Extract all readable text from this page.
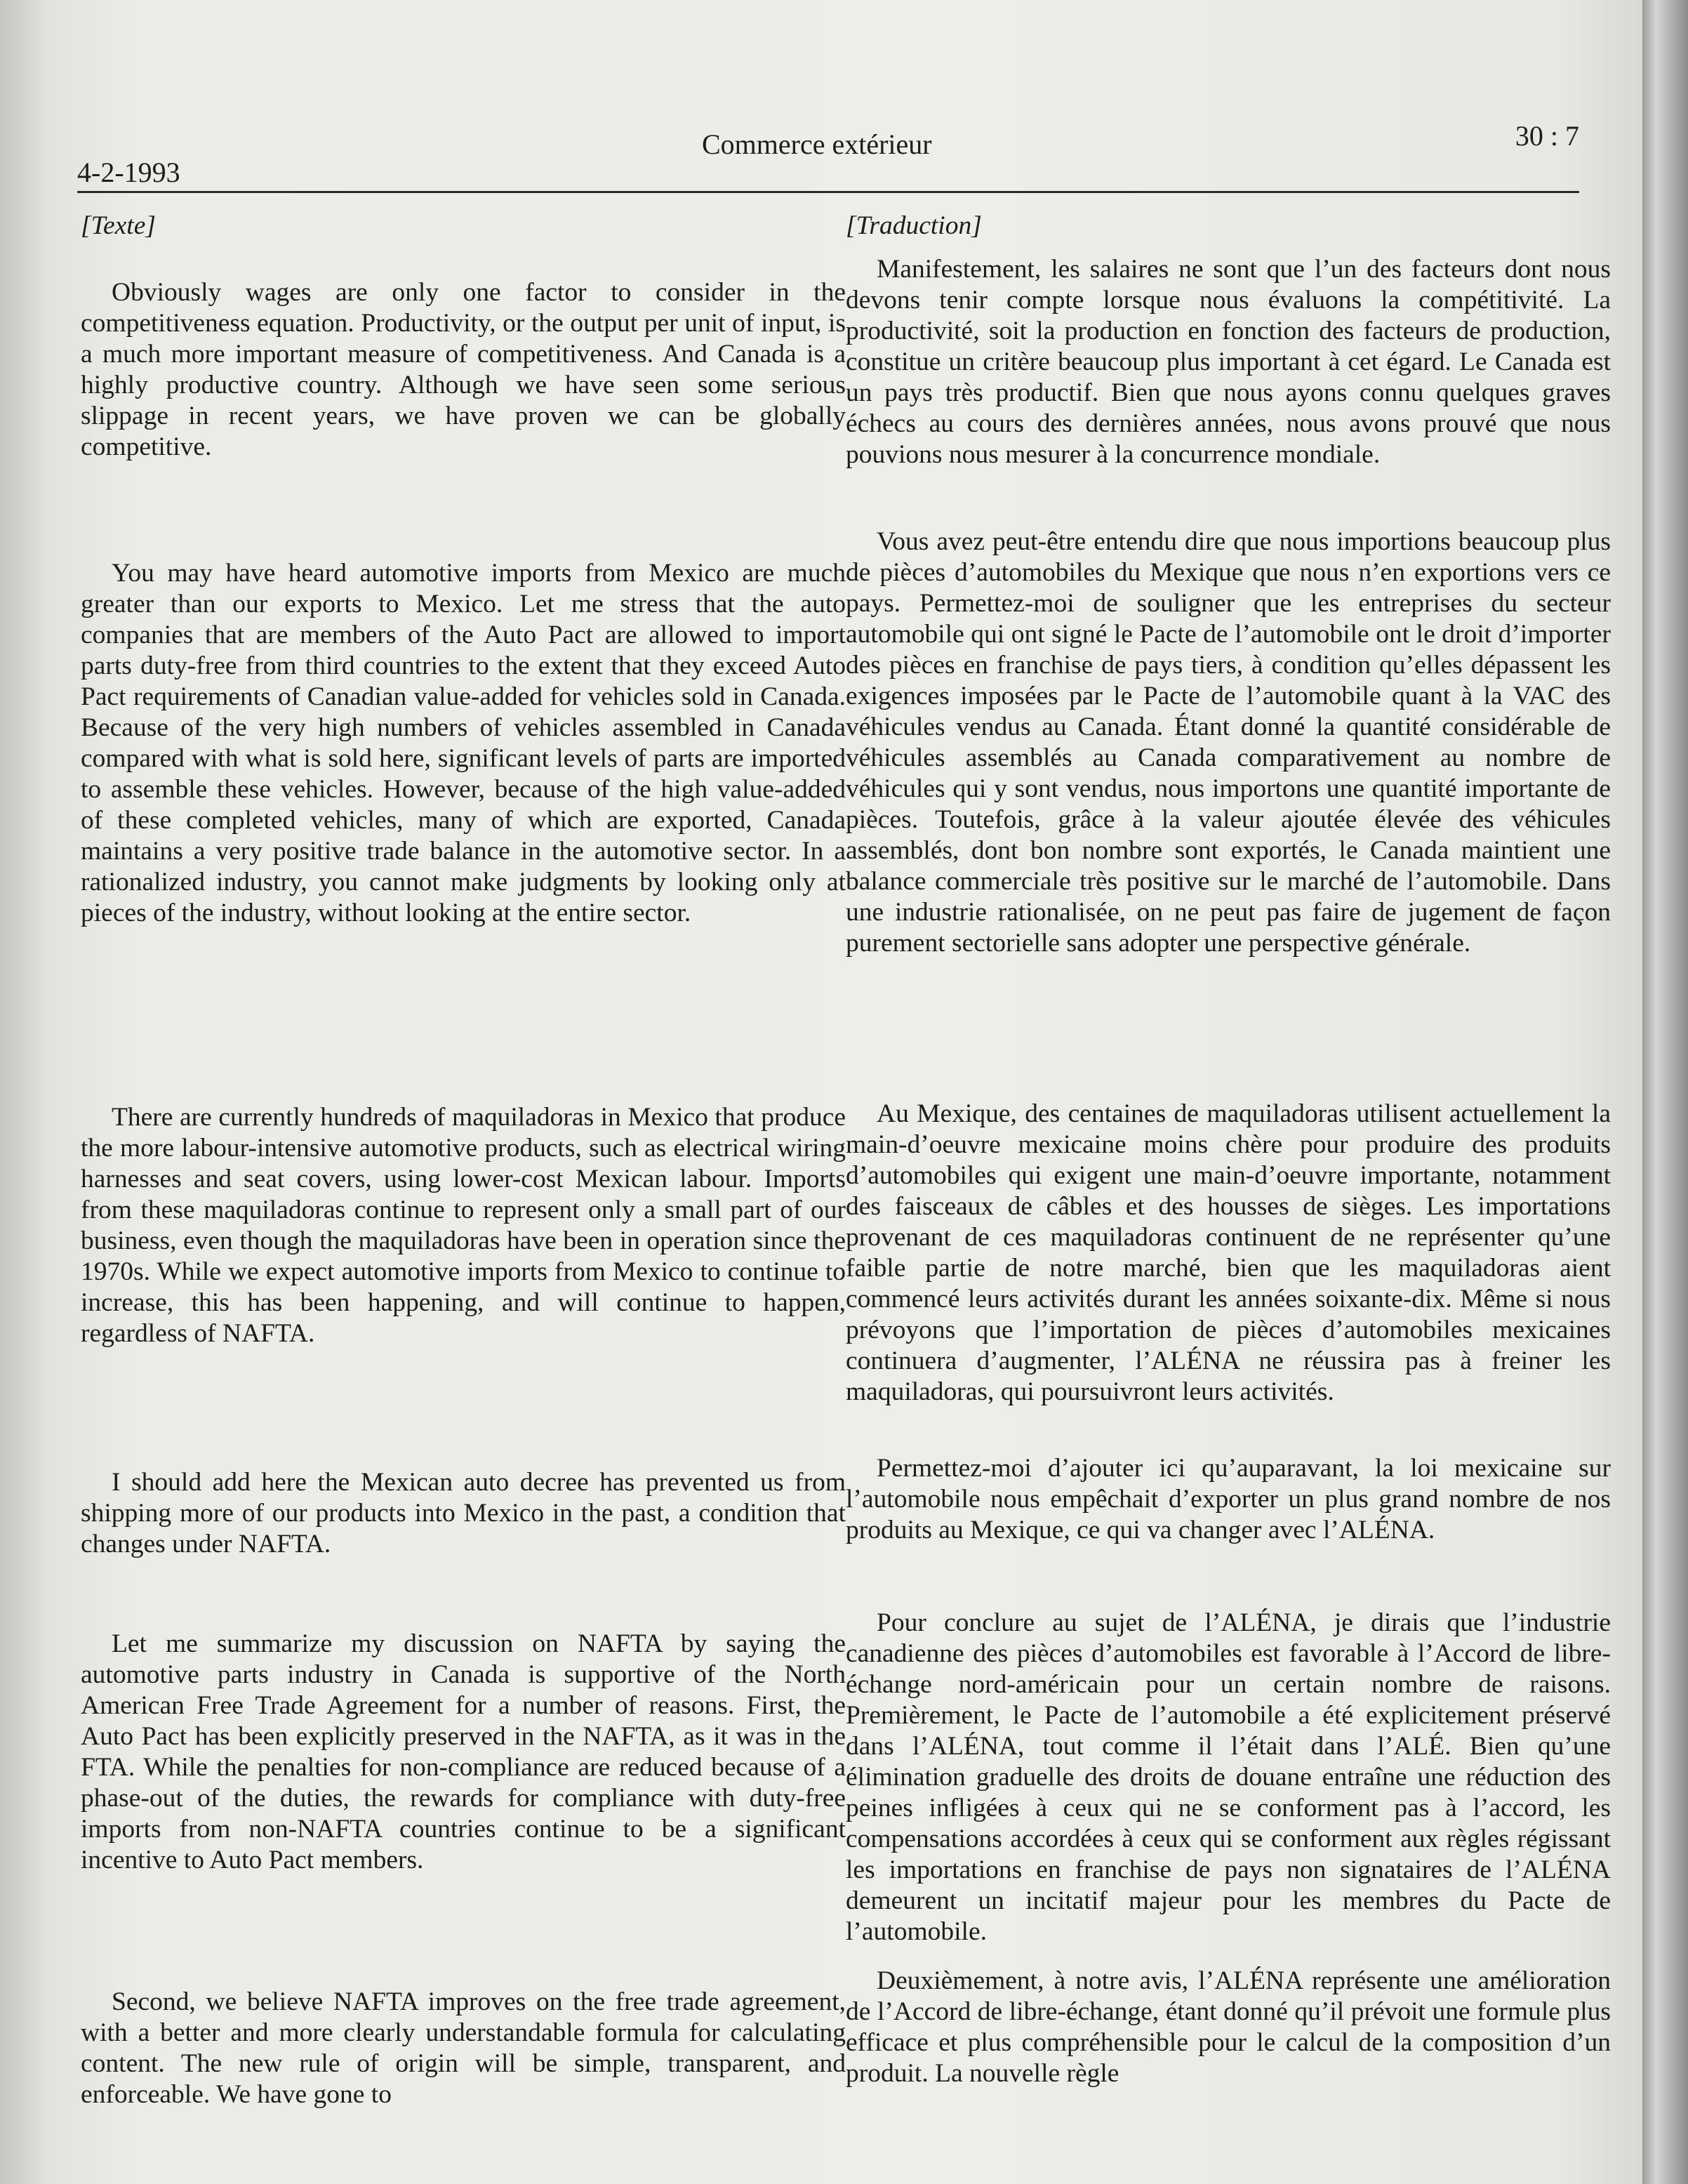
4-2-1993
Commerce extérieur	30 : 7
[Texte]

Obviously wages are only one factor to consider in the competitiveness equation. Productivity, or the output per unit of input, is a much more important measure of competitiveness. And Canada is a highly productive country. Although we have seen some serious slippage in recent years, we have proven we can be globally competitive.

You may have heard automotive imports from Mexico are much greater than our exports to Mexico. Let me stress that the auto companies that are members of the Auto Pact are allowed to import parts duty-free from third countries to the extent that they exceed Auto Pact requirements of Canadian value-added for vehicles sold in Canada. Because of the very high numbers of vehicles assembled in Canada compared with what is sold here, significant levels of parts are imported to assemble these vehicles. However, because of the high value-added of these completed vehicles, many of which are exported, Canada maintains a very positive trade balance in the automotive sector. In a rationalized industry, you cannot make judgments by looking only at pieces of the industry, without looking at the entire sector.

There are currently hundreds of maquiladoras in Mexico that produce the more labour-intensive automotive products, such as electrical wiring harnesses and seat covers, using lower-cost Mexican labour. Imports from these maquiladoras continue to represent only a small part of our business, even though the maquiladoras have been in operation since the 1970s. While we expect automotive imports from Mexico to continue to increase, this has been happening, and will continue to happen, regardless of NAFTA.

I should add here the Mexican auto decree has prevented us from shipping more of our products into Mexico in the past, a condition that changes under NAFTA.

Let me summarize my discussion on NAFTA by saying the automotive parts industry in Canada is supportive of the North American Free Trade Agreement for a number of reasons. First, the Auto Pact has been explicitly preserved in the NAFTA, as it was in the FTA. While the penalties for non-compliance are reduced because of a phase-out of the duties, the rewards for compliance with duty-free imports from non-NAFTA countries continue to be a significant incentive to Auto Pact members.

Second, we believe NAFTA improves on the free trade agreement, with a better and more clearly understandable formula for calculating content. The new rule of origin will be simple, transparent, and enforceable. We have gone to

[Traduction]

Manifestement, les salaires ne sont que l’un des facteurs dont nous devons tenir compte lorsque nous évaluons la compétitivité. La productivité, soit la production en fonction des facteurs de production, constitue un critère beaucoup plus important à cet égard. Le Canada est un pays très productif. Bien que nous ayons connu quelques graves échecs au cours des dernières années, nous avons prouvé que nous pouvions nous mesurer à la concurrence mondiale.

Vous avez peut-être entendu dire que nous importions beaucoup plus de pièces d’automobiles du Mexique que nous n’en exportions vers ce pays. Permettez-moi de souligner que les entreprises du secteur automobile qui ont signé le Pacte de l’automobile ont le droit d’importer des pièces en franchise de pays tiers, à condition qu’elles dépassent les exigences imposées par le Pacte de l’automobile quant à la VAC des véhicules vendus au Canada. Étant donné la quantité considérable de véhicules assemblés au Canada comparativement au nombre de véhicules qui y sont vendus, nous importons une quantité importante de pièces. Toutefois, grâce à la valeur ajoutée élevée des véhicules assemblés, dont bon nombre sont exportés, le Canada maintient une balance commerciale très positive sur le marché de l’automobile. Dans une industrie rationalisée, on ne peut pas faire de jugement de façon purement sectorielle sans adopter une perspective générale.

Au Mexique, des centaines de maquiladoras utilisent actuellement la main-d’oeuvre mexicaine moins chère pour produire des produits d’automobiles qui exigent une main-d’oeuvre importante, notamment des faisceaux de câbles et des housses de sièges. Les importations provenant de ces maquiladoras continuent de ne représenter qu’une faible partie de notre marché, bien que les maquiladoras aient commencé leurs activités durant les années soixante-dix. Même si nous prévoyons que l’importation de pièces d’automobiles mexicaines continuera d’augmenter, l’ALÉNA ne réussira pas à freiner les maquiladoras, qui poursuivront leurs activités.

Permettez-moi d’ajouter ici qu’auparavant, la loi mexicaine sur l’automobile nous empêchait d’exporter un plus grand nombre de nos produits au Mexique, ce qui va changer avec l’ALÉNA.

Pour conclure au sujet de l’ALÉNA, je dirais que l’industrie canadienne des pièces d’automobiles est favorable à l’Accord de libre-échange nord-américain pour un certain nombre de raisons. Premièrement, le Pacte de l’automobile a été explicitement préservé dans l’ALÉNA, tout comme il l’était dans l’ALÉ. Bien qu’une élimination graduelle des droits de douane entraîne une réduction des peines infligées à ceux qui ne se conforment pas à l’accord, les compensations accordées à ceux qui se conforment aux règles régissant les importations en franchise de pays non signataires de l’ALÉNA demeurent un incitatif majeur pour les membres du Pacte de l’automobile.

Deuxièmement, à notre avis, l’ALÉNA représente une amélioration de l’Accord de libre-échange, étant donné qu’il prévoit une formule plus efficace et plus compréhensible pour le calcul de la composition d’un produit. La nouvelle règle
